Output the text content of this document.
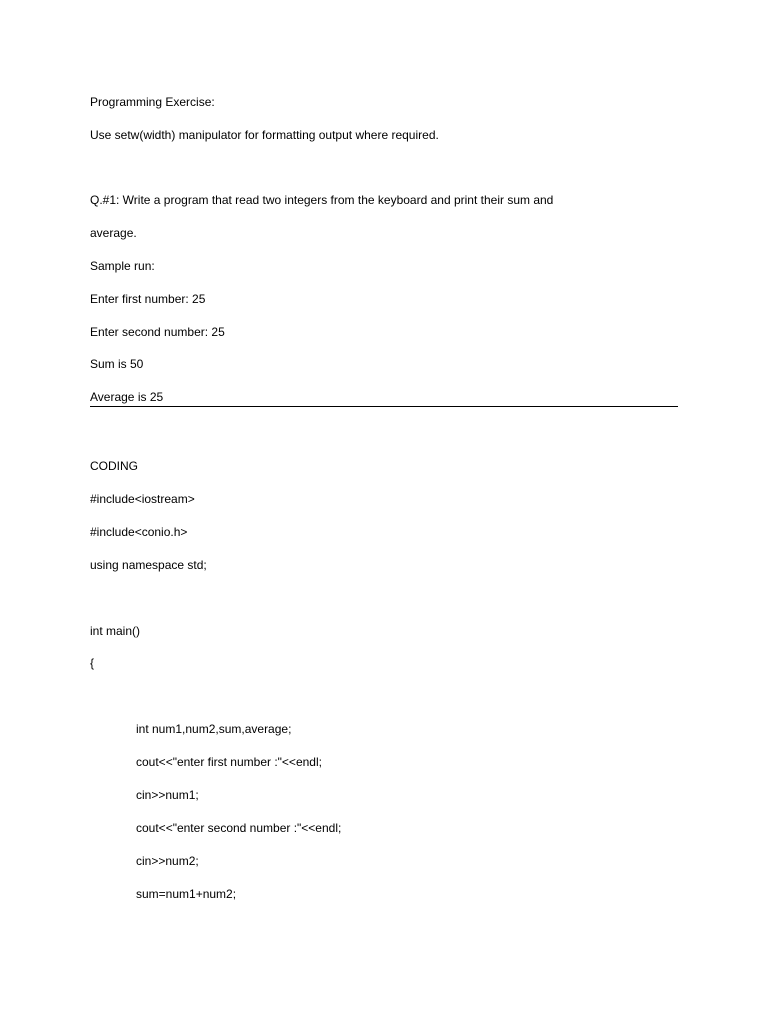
Programming Exercise:
Use setw(width) manipulator for formatting output where required.
Q.#1: Write a program that read two integers from the keyboard and print their sum and
average.
Sample run:
Enter first number: 25
Enter second number: 25
Sum is 50
Average is 25
CODING
#include<iostream>
#include<conio.h>
using namespace std;
int main()
{
int num1,num2,sum,average;
cout<<"enter first number :"<<endl;
cin>>num1;
cout<<"enter second number :"<<endl;
cin>>num2;
sum=num1+num2;
